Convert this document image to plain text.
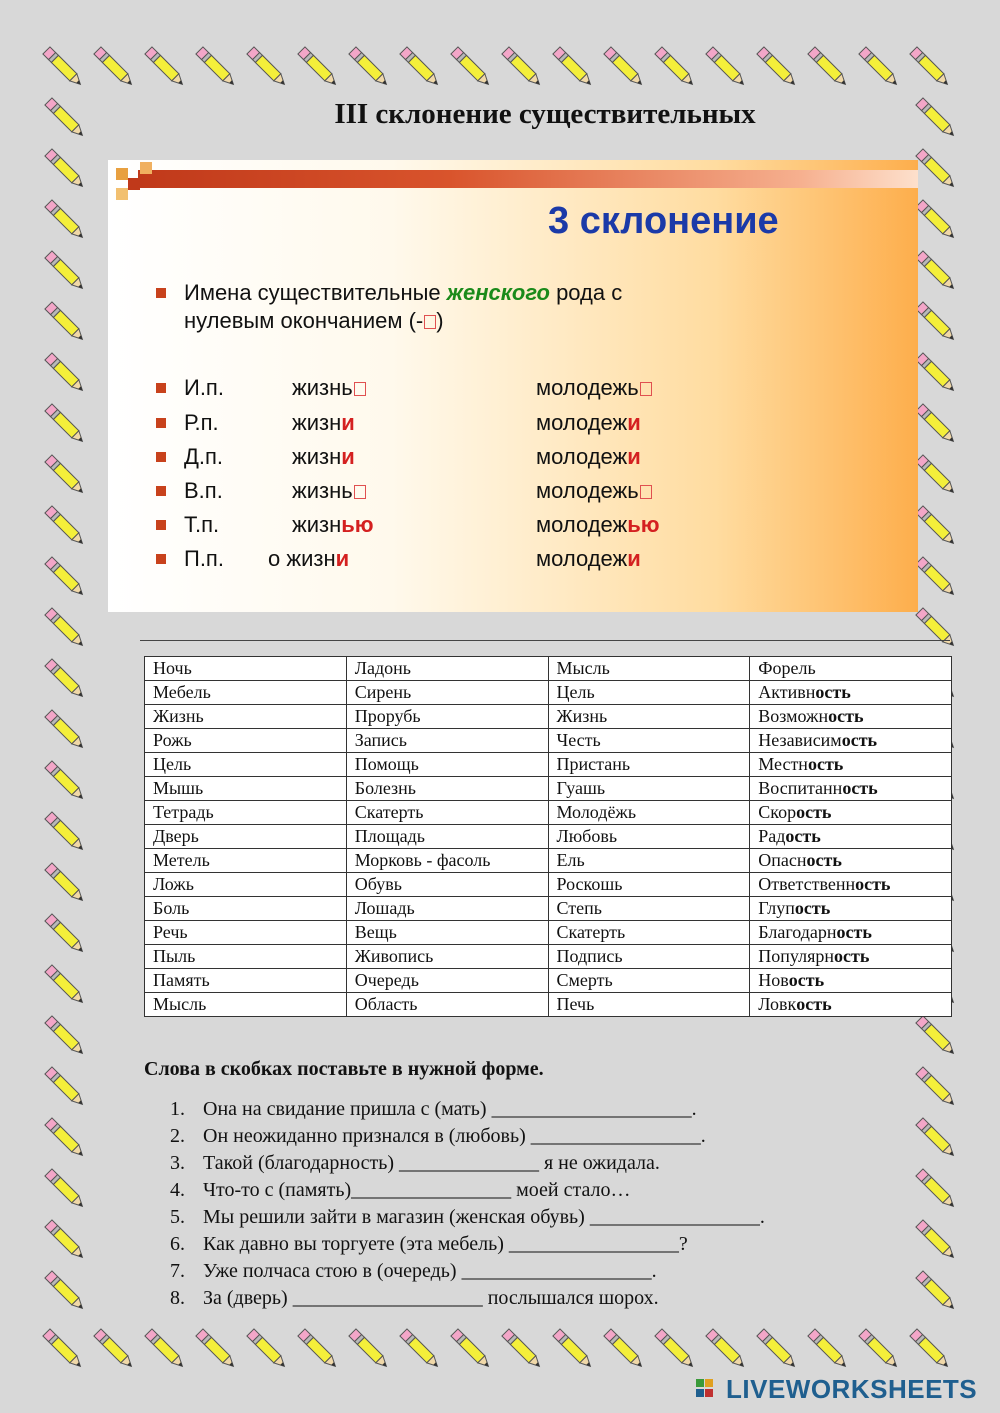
III склонение существительных
3 склонение
Имена существительные женского рода с
нулевым окончанием (- )
И.п.	жизнь	молодежь
Р.п.	жизни	молодежи
Д.п.	жизни	молодежи
В.п.	жизнь	молодежь
Т.п.	жизнью	молодежью
П.п. о жизни	молодежи
Ночь	Ладонь	Мысль	Форель
Мебель	Сирень	Цель	Активность
Жизнь	Прорубь	Жизнь	Возможность
Рожь	Запись	Честь	Независимость
Цель	Помощь	Пристань	Местность
Мышь	Болезнь	Гуашь	Воспитанность
Тетрадь	Скатерть	Молодёжь	Скорость
Дверь	Площадь	Любовь	Радость
Метель	Морковь - фасоль	Ель	Опасность
Ложь	Обувь	Роскошь	Ответственность
Боль	Лошадь	Степь	Глупость
Речь	Вещь	Скатерть	Благодарность
Пыль	Живопись	Подпись	Популярность
Память	Очередь	Смерть	Новость
Мысль	Область	Печь	Ловкость
Слова в скобках поставьте в нужной форме.
1. Она на свидание пришла с (мать) ____________________.
2. Он неожиданно признался в (любовь) _________________.
3. Такой (благодарность) ______________ я не ожидала.
4. Что-то с (память)________________ моей стало…
5. Мы решили зайти в магазин (женская обувь) _________________.
6. Как давно вы торгуете (эта мебель) _________________?
7. Уже полчаса стою в (очередь) ___________________.
8. За (дверь) ___________________ послышался шорох.
LIVEWORKSHEETS
